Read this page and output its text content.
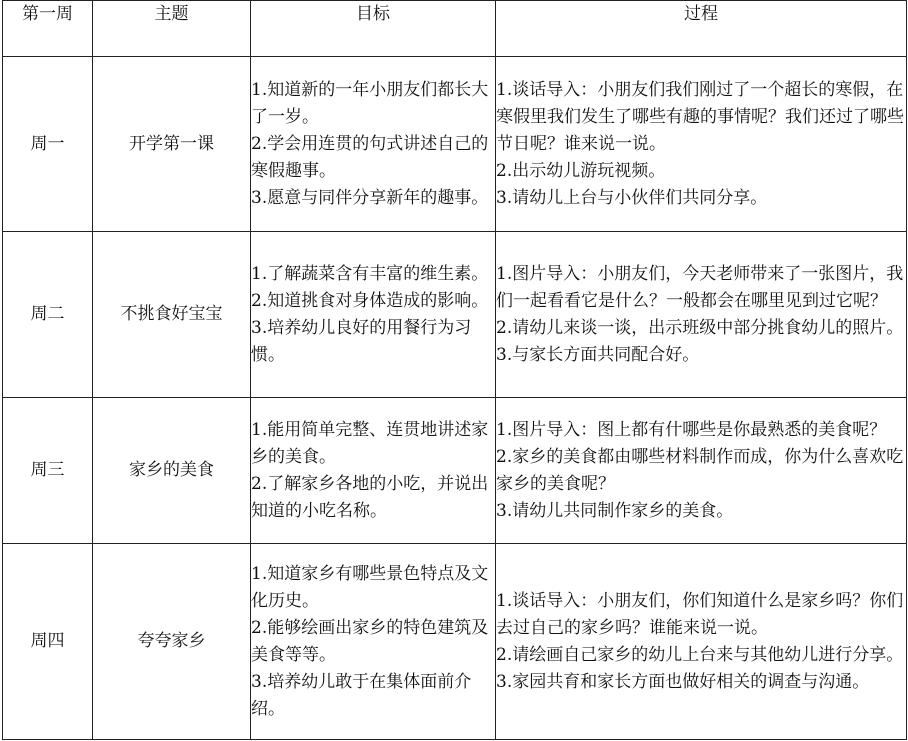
第一周	主题	目标	过程
周一	开学第一课	1.知道新的一年小朋友们都长大了一岁。
2.学会用连贯的句式讲述自己的寒假趣事。
3.愿意与同伴分享新年的趣事。	1.谈话导入：小朋友们我们刚过了一个超长的寒假，在寒假里我们发生了哪些有趣的事情呢？我们还过了哪些节日呢？谁来说一说。
2.出示幼儿游玩视频。
3.请幼儿上台与小伙伴们共同分享。

周二	不挑食好宝宝	1.了解蔬菜含有丰富的维生素。
2.知道挑食对身体造成的影响。
3.培养幼儿良好的用餐行为习惯。	1.图片导入：小朋友们，今天老师带来了一张图片，我们一起看看它是什么？一般都会在哪里见到过它呢？
2.请幼儿来谈一谈，出示班级中部分挑食幼儿的照片。
3.与家长方面共同配合好。

周三	家乡的美食	1.能用简单完整、连贯地讲述家乡的美食。
2.了解家乡各地的小吃，并说出知道的小吃名称。	1.图片导入：图上都有什哪些是你最熟悉的美食呢？
2.家乡的美食都由哪些材料制作而成，你为什么喜欢吃家乡的美食呢？
3.请幼儿共同制作家乡的美食。

周四	夸夸家乡	1.知道家乡有哪些景色特点及文化历史。
2.能够绘画出家乡的特色建筑及美食等等。
3.培养幼儿敢于在集体面前介绍。	1.谈话导入：小朋友们，你们知道什么是家乡吗？你们去过自己的家乡吗？谁能来说一说。
2.请绘画自己家乡的幼儿上台来与其他幼儿进行分享。
3.家园共育和家长方面也做好相关的调查与沟通。
